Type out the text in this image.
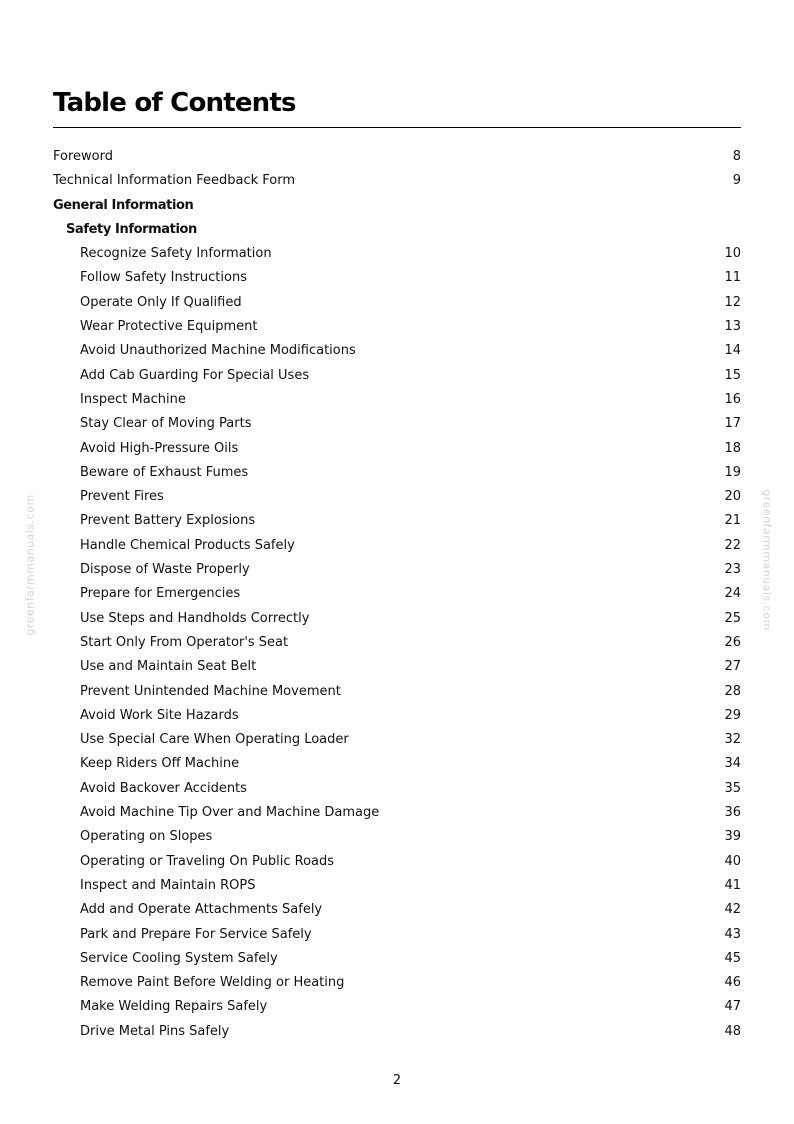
Table of Contents
greenfarmmanuals.com	greenfarmmanuals.com
Foreword	8
Technical Information Feedback Form	9
General Information
Safety Information
Recognize Safety Information	10
Follow Safety Instructions	11
Operate Only If Qualified	12
Wear Protective Equipment	13
Avoid Unauthorized Machine Modifications	14
Add Cab Guarding For Special Uses	15
Inspect Machine	16
Stay Clear of Moving Parts	17
Avoid High-Pressure Oils	18
Beware of Exhaust Fumes	19
Prevent Fires	20
Prevent Battery Explosions	21
Handle Chemical Products Safely	22
Dispose of Waste Properly	23
Prepare for Emergencies	24
Use Steps and Handholds Correctly	25
Start Only From Operator's Seat	26
Use and Maintain Seat Belt	27
Prevent Unintended Machine Movement	28
Avoid Work Site Hazards	29
Use Special Care When Operating Loader	32
Keep Riders Off Machine	34
Avoid Backover Accidents	35
Avoid Machine Tip Over and Machine Damage	36
Operating on Slopes	39
Operating or Traveling On Public Roads	40
Inspect and Maintain ROPS	41
Add and Operate Attachments Safely	42
Park and Prepare For Service Safely	43
Service Cooling System Safely	45
Remove Paint Before Welding or Heating	46
Make Welding Repairs Safely	47
Drive Metal Pins Safely	48
2
